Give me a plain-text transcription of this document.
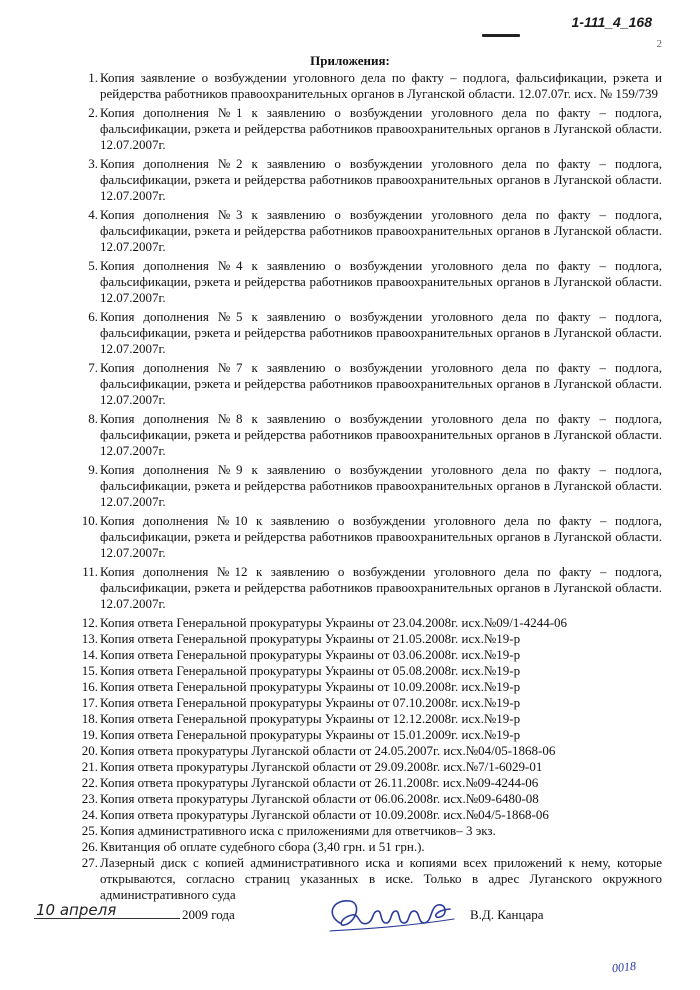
1-111_4_168
2
Приложения:
1. Копия заявление о возбуждении уголовного дела по факту – подлога, фальсификации, рэкета и рейдерства работников правоохранительных органов в Луганской области. 12.07.07г. исх. № 159/739
2. Копия дополнения №1 к заявлению о возбуждении уголовного дела по факту – подлога, фальсификации, рэкета и рейдерства работников правоохранительных органов в Луганской области. 12.07.2007г.
3. Копия дополнения №2 к заявлению о возбуждении уголовного дела по факту – подлога, фальсификации, рэкета и рейдерства работников правоохранительных органов в Луганской области. 12.07.2007г.
4. Копия дополнения №3 к заявлению о возбуждении уголовного дела по факту – подлога, фальсификации, рэкета и рейдерства работников правоохранительных органов в Луганской области. 12.07.2007г.
5. Копия дополнения №4 к заявлению о возбуждении уголовного дела по факту – подлога, фальсификации, рэкета и рейдерства работников правоохранительных органов в Луганской области. 12.07.2007г.
6. Копия дополнения №5 к заявлению о возбуждении уголовного дела по факту – подлога, фальсификации, рэкета и рейдерства работников правоохранительных органов в Луганской области. 12.07.2007г.
7. Копия дополнения №7 к заявлению о возбуждении уголовного дела по факту – подлога, фальсификации, рэкета и рейдерства работников правоохранительных органов в Луганской области. 12.07.2007г.
8. Копия дополнения №8 к заявлению о возбуждении уголовного дела по факту – подлога, фальсификации, рэкета и рейдерства работников правоохранительных органов в Луганской области. 12.07.2007г.
9. Копия дополнения №9 к заявлению о возбуждении уголовного дела по факту – подлога, фальсификации, рэкета и рейдерства работников правоохранительных органов в Луганской области. 12.07.2007г.
10. Копия дополнения №10 к заявлению о возбуждении уголовного дела по факту – подлога, фальсификации, рэкета и рейдерства работников правоохранительных органов в Луганской области. 12.07.2007г.
11. Копия дополнения №12 к заявлению о возбуждении уголовного дела по факту – подлога, фальсификации, рэкета и рейдерства работников правоохранительных органов в Луганской области. 12.07.2007г.
12. Копия ответа Генеральной прокуратуры Украины от 23.04.2008г. исх.№09/1-4244-06
13. Копия ответа Генеральной прокуратуры Украины от 21.05.2008г. исх.№19-р
14. Копия ответа Генеральной прокуратуры Украины от 03.06.2008г. исх.№19-р
15. Копия ответа Генеральной прокуратуры Украины от 05.08.2008г. исх.№19-р
16. Копия ответа Генеральной прокуратуры Украины от 10.09.2008г. исх.№19-р
17. Копия ответа Генеральной прокуратуры Украины от 07.10.2008г. исх.№19-р
18. Копия ответа Генеральной прокуратуры Украины от 12.12.2008г. исх.№19-р
19. Копия ответа Генеральной прокуратуры Украины от 15.01.2009г. исх.№19-р
20. Копия ответа прокуратуры Луганской области от 24.05.2007г. исх.№04/05-1868-06
21. Копия ответа прокуратуры Луганской области от 29.09.2008г. исх.№7/1-6029-01
22. Копия ответа прокуратуры Луганской области от 26.11.2008г. исх.№09-4244-06
23. Копия ответа прокуратуры Луганской области от 06.06.2008г. исх.№09-6480-08
24. Копия ответа прокуратуры Луганской области от 10.09.2008г. исх.№04/5-1868-06
25. Копия административного иска с приложениями для ответчиков– 3 экз.
26. Квитанция об оплате судебного сбора (3,40 грн. и 51 грн.).
27. Лазерный диск с копией административного иска и копиями всех приложений к нему, которые открываются, согласно страниц указанных в иске. Только в адрес Луганского окружного административного суда
10 апреля	2009 года	В.Д. Канцара
0018
